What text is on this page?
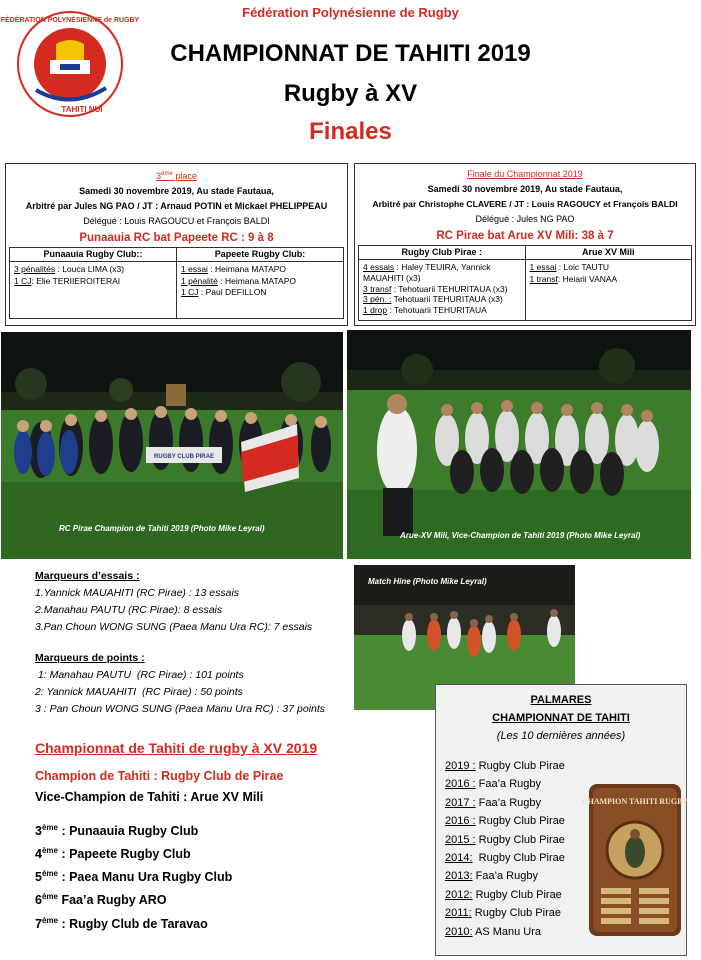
FÉDÉRATION POLYNÉSIENNE de RUGBY
TAHITI NUI
Fédération Polynésienne de Rugby
CHAMPIONNAT DE TAHITI 2019
Rugby à XV
Finales
3ème place
Samedi 30 novembre 2019, Au stade Fautaua,
Arbitré par Jules NG PAO / JT : Arnaud POTIN et Mickael PHELIPPEAU
Délégué : Louis RAGOUCU et François BALDI
Punaauia RC bat Papeete RC : 9 à 8
Punaauia Rugby Club::	Papeete Rugby Club:
3 pénalités : Louca LIMA (x3)
1 CJ: Elie TERIIEROITERAI
1 essai : Heimana MATAPO
1 pénalité : Heimana MATAPO
1 CJ : Paul DEFILLON
Finale du Championnat 2019
Samedi 30 novembre 2019, Au stade Fautaua,
Arbitré par Christophe CLAVERE / JT : Louis RAGOUCY et François BALDI
Délégué : Jules NG PAO
RC Pirae bat Arue XV Mili: 38 à 7
Rugby Club Pirae :	Arue XV Mili
4 essais : Haley TEUIRA, Yannick MAUAHITI (x3)
3 transf : Tehotuarii TEHURITAUA (x3)
3 pén. : Tehotuarii TEHURITAUA (x3)
1 drop : Tehotuarii TEHURITAUA
1 essai : Loic TAUTU
1 transf: Heiarii VANAA
RUGBY CLUB PIRAE
RC Pirae Champion de Tahiti 2019 (Photo Mike Leyral)
Arue-XV Mili, Vice-Champion de Tahiti 2019 (Photo Mike Leyral)
Match Hine (Photo Mike Leyral)
Marqueurs d’essais :
1.Yannick MAUAHITI (RC Pirae) : 13 essais
2.Manahau PAUTU (RC Pirae): 8 essais
3.Pan Choun WONG SUNG (Paea Manu Ura RC): 7 essais
Marqueurs de points :
1: Manahau PAUTU  (RC Pirae) : 101 points
2: Yannick MAUAHITI  (RC Pirae) : 50 points
3 : Pan Choun WONG SUNG (Paea Manu Ura RC) : 37 points
Championnat de Tahiti de rugby à XV 2019
Champion de Tahiti : Rugby Club de Pirae
Vice-Champion de Tahiti : Arue XV Mili
3ème : Punaauia Rugby Club
4ème : Papeete Rugby Club
5ème : Paea Manu Ura Rugby Club
6ème Faa’a Rugby ARO
7ème : Rugby Club de Taravao
PALMARES
CHAMPIONNAT DE TAHITI
(Les 10 dernières années)
2019 : Rugby Club Pirae
2016 : Faa’a Rugby
2017 : Faa’a Rugby
2016 : Rugby Club Pirae
2015 : Rugby Club Pirae
2014:  Rugby Club Pirae
2013: Faa’a Rugby
2012: Rugby Club Pirae
2011: Rugby Club Pirae
2010: AS Manu Ura
CHAMPION TAHITI RUGBY
